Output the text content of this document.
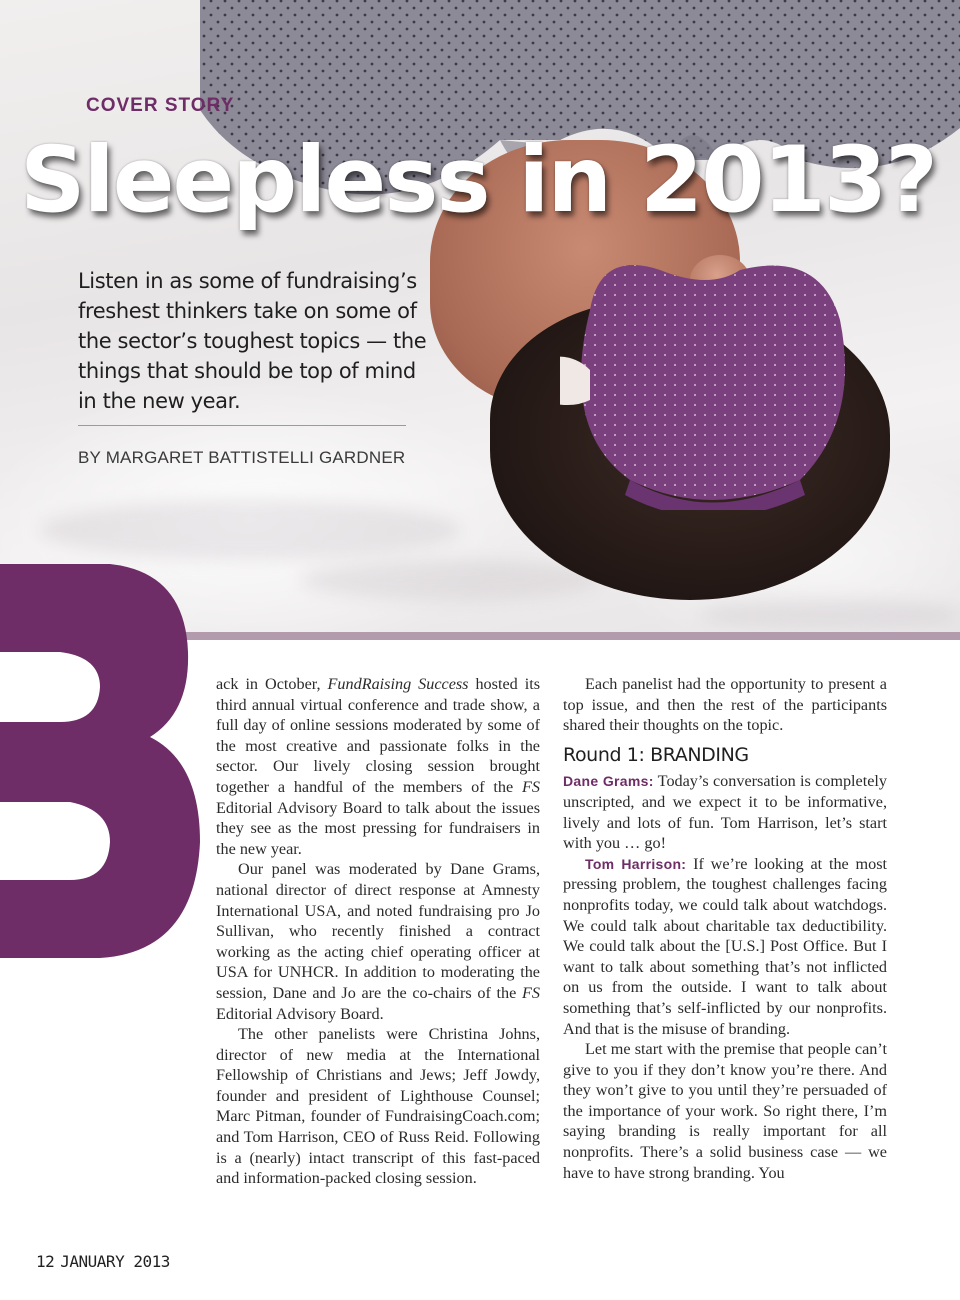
COVER STORY
Sleepless in 2013?
Listen in as some of fundraising’s freshest thinkers take on some of the sector’s toughest topics — the things that should be top of mind in the new year.
BY MARGARET BATTISTELLI GARDNER
B

ack in October, FundRaising Success hosted its third annual virtual conference and trade show, a full day of online sessions moderated by some of the most creative and passionate folks in the sector. Our lively closing session brought together a handful of the members of the FS Editorial Advisory Board to talk about the issues they see as the most pressing for fundraisers in the new year.

Our panel was moderated by Dane Grams, national director of direct response at Amnesty International USA, and noted fundraising pro Jo Sullivan, who recently finished a contract working as the acting chief operating officer at USA for UNHCR. In addition to moderating the session, Dane and Jo are the co-chairs of the FS Editorial Advisory Board.

The other panelists were Christina Johns, director of new media at the International Fellowship of Christians and Jews; Jeff Jowdy, founder and president of Lighthouse Counsel; Marc Pitman, founder of FundraisingCoach.com; and Tom Harrison, CEO of Russ Reid. Following is a (nearly) intact transcript of this fast-paced and information-packed closing session.

Each panelist had the opportunity to present a top issue, and then the rest of the participants shared their thoughts on the topic.

Round 1: BRANDING

Dane Grams: Today’s conversation is completely unscripted, and we expect it to be informative, lively and lots of fun. Tom Harrison, let’s start with you … go!

Tom Harrison: If we’re looking at the most pressing problem, the toughest challenges facing nonprofits today, we could talk about watchdogs. We could talk about charitable tax deductibility. We could talk about the [U.S.] Post Office. But I want to talk about something that’s not inflicted on us from the outside. I want to talk about something that’s self-inflicted by our nonprofits. And that is the misuse of branding.

Let me start with the premise that people can’t give to you if they don’t know you’re there. And they won’t give to you until they’re persuaded of the importance of your work. So right there, I’m saying branding is really important for all nonprofits. There’s a solid business case — we have to have strong branding. You

12 JANUARY 2013
